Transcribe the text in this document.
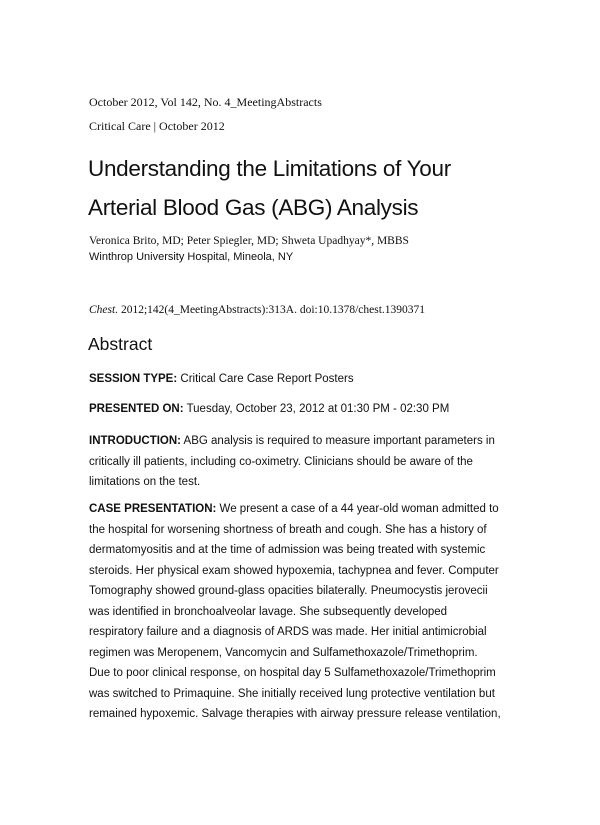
October 2012, Vol 142, No. 4_MeetingAbstracts
Critical Care | October 2012
Understanding the Limitations of Your
Arterial Blood Gas (ABG) Analysis
Veronica Brito, MD; Peter Spiegler, MD; Shweta Upadhyay*, MBBS
Winthrop University Hospital, Mineola, NY
Chest. 2012;142(4_MeetingAbstracts):313A. doi:10.1378/chest.1390371
Abstract
SESSION TYPE: Critical Care Case Report Posters
PRESENTED ON: Tuesday, October 23, 2012 at 01:30 PM - 02:30 PM
INTRODUCTION: ABG analysis is required to measure important parameters in
critically ill patients, including co-oximetry. Clinicians should be aware of the
limitations on the test.
CASE PRESENTATION: We present a case of a 44 year-old woman admitted to
the hospital for worsening shortness of breath and cough. She has a history of
dermatomyositis and at the time of admission was being treated with systemic
steroids. Her physical exam showed hypoxemia, tachypnea and fever. Computer
Tomography showed ground-glass opacities bilaterally. Pneumocystis jerovecii
was identified in bronchoalveolar lavage. She subsequently developed
respiratory failure and a diagnosis of ARDS was made. Her initial antimicrobial
regimen was Meropenem, Vancomycin and Sulfamethoxazole/Trimethoprim.
Due to poor clinical response, on hospital day 5 Sulfamethoxazole/Trimethoprim
was switched to Primaquine. She initially received lung protective ventilation but
remained hypoxemic. Salvage therapies with airway pressure release ventilation,
